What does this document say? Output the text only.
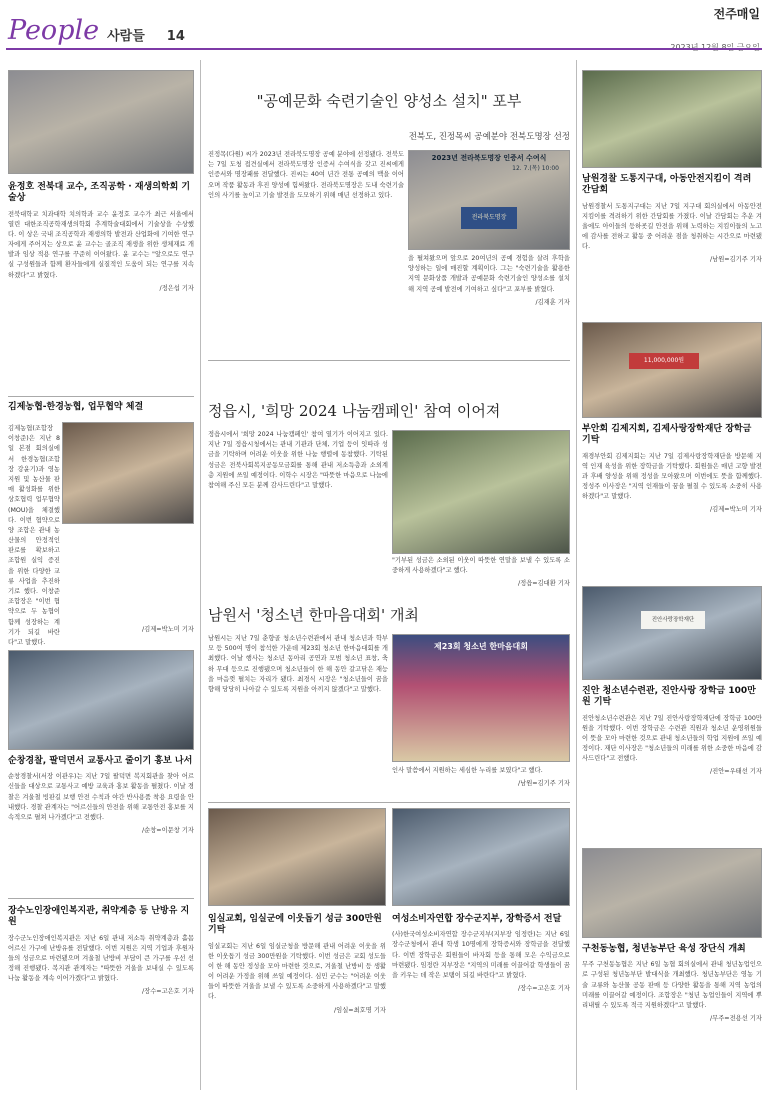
People 사람들 14
전주매일
윤정호 전북대 교수, 조직공학 · 재생의학회 기술상
전북대학교 치과대학 치의학과 교수 윤정호 교수가 최근 서울에서 열린 대한조직공학재생의학회 추계학술대회에서 기술상을 수상했다. 이 상은 국내 조직공학과 재생의학 발전과 산업화에 기여한 연구자에게 주어지는 상으로 윤 교수는 골조직 재생을 위한 생체재료 개발과 임상 적용 연구를 꾸준히 이어왔다. 윤 교수는 "앞으로도 연구실 구성원들과 함께 환자들에게 실질적인 도움이 되는 연구를 지속하겠다"고 밝혔다.
/정은섭 기자
김제농협-한경농협, 업무협약 체결
김제농협(조합장 이창준)은 지난 8일 본점 회의실에서 한경농협(조합장 강윤기)과 영농 지원 및 농산물 판매 활성화를 위한 상호협력 업무협약(MOU)을 체결했다. 이번 협약으로 양 조합은 관내 농산물의 안정적인 판로를 확보하고 조합원 실익 증진을 위한 다양한 교류 사업을 추진하기로 했다. 이창준 조합장은 "이번 협약으로 두 농협이 함께 성장하는 계기가 되길 바란다"고 말했다.
/김제=박노미 기자
순창경찰, 팔덕면서 교통사고 줄이기 홍보 나서
순창경찰서(서장 이관우)는 지난 7일 팔덕면 복지회관을 찾아 어르신들을 대상으로 교통사고 예방 교육과 홍보 활동을 펼쳤다. 이날 경찰은 겨울철 빙판길 보행 안전 수칙과 야간 반사용품 착용 요령을 안내했다. 경찰 관계자는 "어르신들의 안전을 위해 교통안전 홍보를 지속적으로 펼쳐 나가겠다"고 전했다.
/순창=이문창 기자
장수노인장애인복지관, 취약계층 등 난방유 지원
장수군노인장애인복지관은 지난 6일 관내 저소득 취약계층과 홀몸 어르신 가구에 난방유를 전달했다. 이번 지원은 지역 기업과 후원자들의 성금으로 마련됐으며 겨울철 난방비 부담이 큰 가구를 우선 선정해 진행됐다. 복지관 관계자는 "따뜻한 겨울을 보내실 수 있도록 나눔 활동을 계속 이어가겠다"고 밝혔다.
/장수=고은호 기자
"공예문화 숙련기술인 양성소 설치" 포부
전북도, 진정목씨 공예분야 전북도명장 선정
진정목(다원) 씨가 2023년 전라북도명장 공예 분야에 선정됐다. 전북도는 7일 도청 접견실에서 전라북도명장 인증서 수여식을 갖고 진씨에게 인증서와 명장패를 전달했다. 진씨는 40여 년간 전통 공예의 맥을 이어오며 작품 활동과 후진 양성에 힘써왔다. 전라북도명장은 도내 숙련기술인의 사기를 높이고 기술 발전을 도모하기 위해 매년 선정하고 있다.
2023년 전라북도명장 인증서 수여식
12. 7.(목) 10:00
전라북도명장
을 펼쳐왔으며 앞으로 20여년의 공예 경험을 살려 후학을 양성하는 일에 매진할 계획이다. 그는 "숙련기술을 활용한 지역 문화상품 개발과 공예문화 숙련기술인 양성소를 설치해 지역 공예 발전에 기여하고 싶다"고 포부를 밝혔다.
/김재훈 기자
정읍시, '희망 2024 나눔캠페인' 참여 이어져
정읍시에서 '희망 2024 나눔캠페인' 참여 열기가 이어지고 있다. 지난 7일 정읍시청에서는 관내 기관과 단체, 기업 등이 잇따라 성금을 기탁하며 어려운 이웃을 위한 나눔 행렬에 동참했다. 기탁된 성금은 전북사회복지공동모금회를 통해 관내 저소득층과 소외계층 지원에 쓰일 예정이다. 이학수 시장은 "따뜻한 마음으로 나눔에 참여해 주신 모든 분께 감사드린다"고 말했다.
"기부된 성금은 소외된 이웃이 따뜻한 연말을 보낼 수 있도록 소중하게 사용하겠다"고 했다.
/정읍=김대환 기자
남원서 '청소년 한마음대회' 개최
남원시는 지난 7일 춘향골 청소년수련관에서 관내 청소년과 학부모 등 500여 명이 참석한 가운데 제23회 청소년 한마음대회를 개최했다. 이날 행사는 청소년 동아리 공연과 모범 청소년 표창, 축하 무대 등으로 진행됐으며 청소년들이 한 해 동안 갈고닦은 재능을 마음껏 펼치는 자리가 됐다. 최경식 시장은 "청소년들이 꿈을 향해 당당히 나아갈 수 있도록 지원을 아끼지 않겠다"고 말했다.
제23회 청소년 한마음대회
인사 말씀에서 지원하는 세심한 누리를 보였다"고 했다.
/남원=김기주 기자
임실교회, 임실군에 이웃돕기 성금 300만원 기탁
임실교회는 지난 6일 임실군청을 방문해 관내 어려운 이웃을 위한 이웃돕기 성금 300만원을 기탁했다. 이번 성금은 교회 성도들이 한 해 동안 정성을 모아 마련한 것으로, 겨울철 난방비 등 생활이 어려운 가정을 위해 쓰일 예정이다. 심민 군수는 "어려운 이웃들이 따뜻한 겨울을 보낼 수 있도록 소중하게 사용하겠다"고 말했다.
/임실=최호명 기자
여성소비자연합 장수군지부, 장학증서 전달
(사)한국여성소비자연합 장수군지부(지부장 임정란)는 지난 6일 장수군청에서 관내 학생 10명에게 장학증서와 장학금을 전달했다. 이번 장학금은 회원들이 바자회 등을 통해 모은 수익금으로 마련됐다. 임정란 지부장은 "지역의 미래를 이끌어갈 학생들이 꿈을 키우는 데 작은 보탬이 되길 바란다"고 밝혔다.
/장수=고은호 기자
남원경찰 도통지구대, 아동안전지킴이 격려 간담회
남원경찰서 도통지구대는 지난 7일 지구대 회의실에서 아동안전지킴이를 격려하기 위한 간담회를 가졌다. 이날 간담회는 추운 겨울에도 아이들의 등하굣길 안전을 위해 노력하는 지킴이들의 노고에 감사를 전하고 활동 중 어려운 점을 청취하는 시간으로 마련됐다.
/남원=김기주 기자
11,000,000원
부안회 김제지회, 김제사랑장학재단 장학금 기탁
재경부안회 김제지회는 지난 7일 김제사랑장학재단을 방문해 지역 인재 육성을 위한 장학금을 기탁했다. 회원들은 매년 고향 발전과 후배 양성을 위해 정성을 모아왔으며 이번에도 뜻을 함께했다. 정성주 이사장은 "지역 인재들이 꿈을 펼칠 수 있도록 소중히 사용하겠다"고 말했다.
/김제=박노미 기자
진안사랑장학재단
진안 청소년수련관, 진안사랑 장학금 100만원 기탁
진안청소년수련관은 지난 7일 진안사랑장학재단에 장학금 100만원을 기탁했다. 이번 장학금은 수련관 직원과 청소년 운영위원들이 뜻을 모아 마련한 것으로 관내 청소년들의 학업 지원에 쓰일 예정이다. 재단 이사장은 "청소년들의 미래를 위한 소중한 마음에 감사드린다"고 전했다.
/진안=우태선 기자
구천동농협, 청년농부단 육성 장단식 개최
무주 구천동농협은 지난 6일 농협 회의실에서 관내 청년농업인으로 구성된 청년농부단 발대식을 개최했다. 청년농부단은 영농 기술 교류와 농산물 공동 판매 등 다양한 활동을 통해 지역 농업의 미래를 이끌어갈 예정이다. 조합장은 "청년 농업인들이 지역에 뿌리내릴 수 있도록 적극 지원하겠다"고 말했다.
/무주=전용선 기자
